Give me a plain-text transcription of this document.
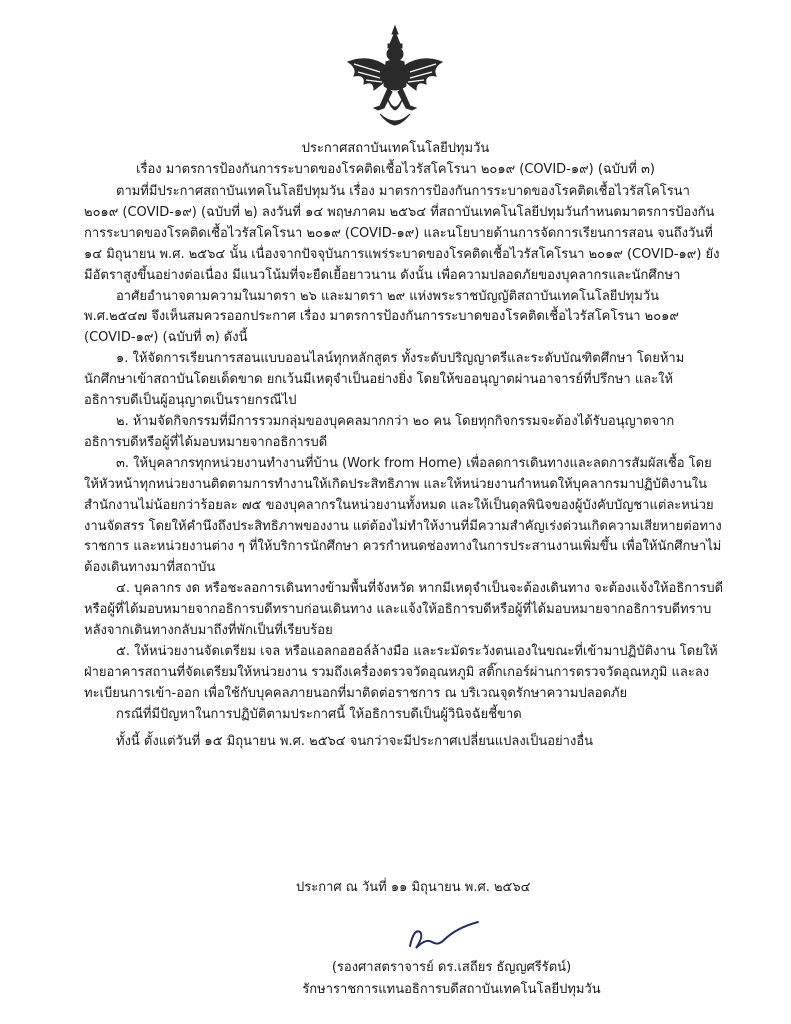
ประกาศสถาบันเทคโนโลยีปทุมวัน
เรื่อง มาตรการป้องกันการระบาดของโรคติดเชื้อไวรัสโคโรนา ๒๐๑๙ (COVID-๑๙) (ฉบับที่ ๓)

ตามที่มีประกาศสถาบันเทคโนโลยีปทุมวัน เรื่อง มาตรการป้องกันการระบาดของโรคติดเชื้อไวรัสโคโรนา ๒๐๑๙ (COVID-๑๙) (ฉบับที่ ๒) ลงวันที่ ๑๔ พฤษภาคม ๒๕๖๔ ที่สถาบันเทคโนโลยีปทุมวันกำหนดมาตรการป้องกันการระบาดของโรคติดเชื้อไวรัสโคโรนา ๒๐๑๙ (COVID-๑๙) และนโยบายด้านการจัดการเรียนการสอน จนถึงวันที่ ๑๔ มิถุนายน พ.ศ. ๒๕๖๔ นั้น เนื่องจากปัจจุบันการแพร่ระบาดของโรคติดเชื้อไวรัสโคโรนา ๒๐๑๙ (COVID-๑๙) ยังมีอัตราสูงขึ้นอย่างต่อเนื่อง มีแนวโน้มที่จะยืดเยื้อยาวนาน ดังนั้น เพื่อความปลอดภัยของบุคลากรและนักศึกษา

อาศัยอำนาจตามความในมาตรา ๒๖ และมาตรา ๒๙ แห่งพระราชบัญญัติสถาบันเทคโนโลยีปทุมวัน พ.ศ.๒๕๔๗ จึงเห็นสมควรออกประกาศ เรื่อง มาตรการป้องกันการระบาดของโรคติดเชื้อไวรัสโคโรนา ๒๐๑๙ (COVID-๑๙) (ฉบับที่ ๓) ดังนี้

๑. ให้จัดการเรียนการสอนแบบออนไลน์ทุกหลักสูตร ทั้งระดับปริญญาตรีและระดับบัณฑิตศึกษา โดยห้ามนักศึกษาเข้าสถาบันโดยเด็ดขาด ยกเว้นมีเหตุจำเป็นอย่างยิ่ง โดยให้ขออนุญาตผ่านอาจารย์ที่ปรึกษา และให้อธิการบดีเป็นผู้อนุญาตเป็นรายกรณีไป

๒. ห้ามจัดกิจกรรมที่มีการรวมกลุ่มของบุคคลมากกว่า ๒๐ คน โดยทุกกิจกรรมจะต้องได้รับอนุญาตจากอธิการบดีหรือผู้ที่ได้มอบหมายจากอธิการบดี

๓. ให้บุคลากรทุกหน่วยงานทำงานที่บ้าน (Work from Home) เพื่อลดการเดินทางและลดการสัมผัสเชื้อ โดยให้หัวหน้าทุกหน่วยงานติดตามการทำงานให้เกิดประสิทธิภาพ และให้หน่วยงานกำหนดให้บุคลากรมาปฏิบัติงานในสำนักงานไม่น้อยกว่าร้อยละ ๗๕ ของบุคลากรในหน่วยงานทั้งหมด และให้เป็นดุลพินิจของผู้บังคับบัญชาแต่ละหน่วยงานจัดสรร โดยให้คำนึงถึงประสิทธิภาพของงาน แต่ต้องไม่ทำให้งานที่มีความสำคัญเร่งด่วนเกิดความเสียหายต่อทางราชการ และหน่วยงานต่าง ๆ ที่ให้บริการนักศึกษา ควรกำหนดช่องทางในการประสานงานเพิ่มขึ้น เพื่อให้นักศึกษาไม่ต้องเดินทางมาที่สถาบัน

๔. บุคลากร งด หรือชะลอการเดินทางข้ามพื้นที่จังหวัด หากมีเหตุจำเป็นจะต้องเดินทาง จะต้องแจ้งให้อธิการบดีหรือผู้ที่ได้มอบหมายจากอธิการบดีทราบก่อนเดินทาง และแจ้งให้อธิการบดีหรือผู้ที่ได้มอบหมายจากอธิการบดีทราบหลังจากเดินทางกลับมาถึงที่พักเป็นที่เรียบร้อย

๕. ให้หน่วยงานจัดเตรียม เจล หรือแอลกอฮอล์ล้างมือ และระมัดระวังตนเองในขณะที่เข้ามาปฏิบัติงาน โดยให้ฝ่ายอาคารสถานที่จัดเตรียมให้หน่วยงาน รวมถึงเครื่องตรวจวัดอุณหภูมิ สติ๊กเกอร์ผ่านการตรวจวัดอุณหภูมิ และลงทะเบียนการเข้า-ออก เพื่อใช้กับบุคคลภายนอกที่มาติดต่อราชการ ณ บริเวณจุดรักษาความปลอดภัย

กรณีที่มีปัญหาในการปฏิบัติตามประกาศนี้ ให้อธิการบดีเป็นผู้วินิจฉัยชี้ขาด

ทั้งนี้ ตั้งแต่วันที่ ๑๕ มิถุนายน พ.ศ. ๒๕๖๔ จนกว่าจะมีประกาศเปลี่ยนแปลงเป็นอย่างอื่น

ประกาศ ณ วันที่ ๑๑ มิถุนายน พ.ศ. ๒๕๖๔
(รองศาสตราจารย์ ดร.เสถียร ธัญญศรีรัตน์)
รักษาราชการแทนอธิการบดีสถาบันเทคโนโลยีปทุมวัน
